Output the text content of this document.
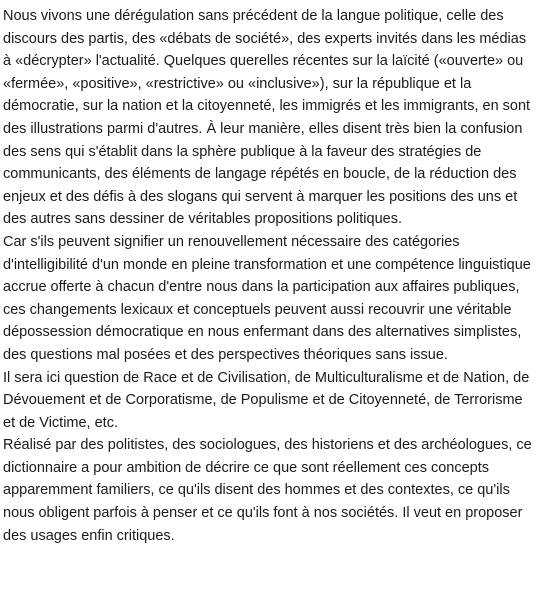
Nous vivons une dérégulation sans précédent de la langue politique, celle des discours des partis, des «débats de société», des experts invités dans les médias à «décrypter» l'actualité. Quelques querelles récentes sur la laïcité («ouverte» ou «fermée», «positive», «restrictive» ou «inclusive»), sur la république et la démocratie, sur la nation et la citoyenneté, les immigrés et les immigrants, en sont des illustrations parmi d'autres. À leur manière, elles disent très bien la confusion des sens qui s'établit dans la sphère publique à la faveur des stratégies de communicants, des éléments de langage répétés en boucle, de la réduction des enjeux et des défis à des slogans qui servent à marquer les positions des uns et des autres sans dessiner de véritables propositions politiques.

Car s'ils peuvent signifier un renouvellement nécessaire des catégories d'intelligibilité d'un monde en pleine transformation et une compétence linguistique accrue offerte à chacun d'entre nous dans la participation aux affaires publiques, ces changements lexicaux et conceptuels peuvent aussi recouvrir une véritable dépossession démocratique en nous enfermant dans des alternatives simplistes, des questions mal posées et des perspectives théoriques sans issue.

Il sera ici question de Race et de Civilisation, de Multiculturalisme et de Nation, de Dévouement et de Corporatisme, de Populisme et de Citoyenneté, de Terrorisme et de Victime, etc.

Réalisé par des politistes, des sociologues, des historiens et des archéologues, ce dictionnaire a pour ambition de décrire ce que sont réellement ces concepts apparemment familiers, ce qu'ils disent des hommes et des contextes, ce qu'ils nous obligent parfois à penser et ce qu'ils font à nos sociétés. Il veut en proposer des usages enfin critiques.
